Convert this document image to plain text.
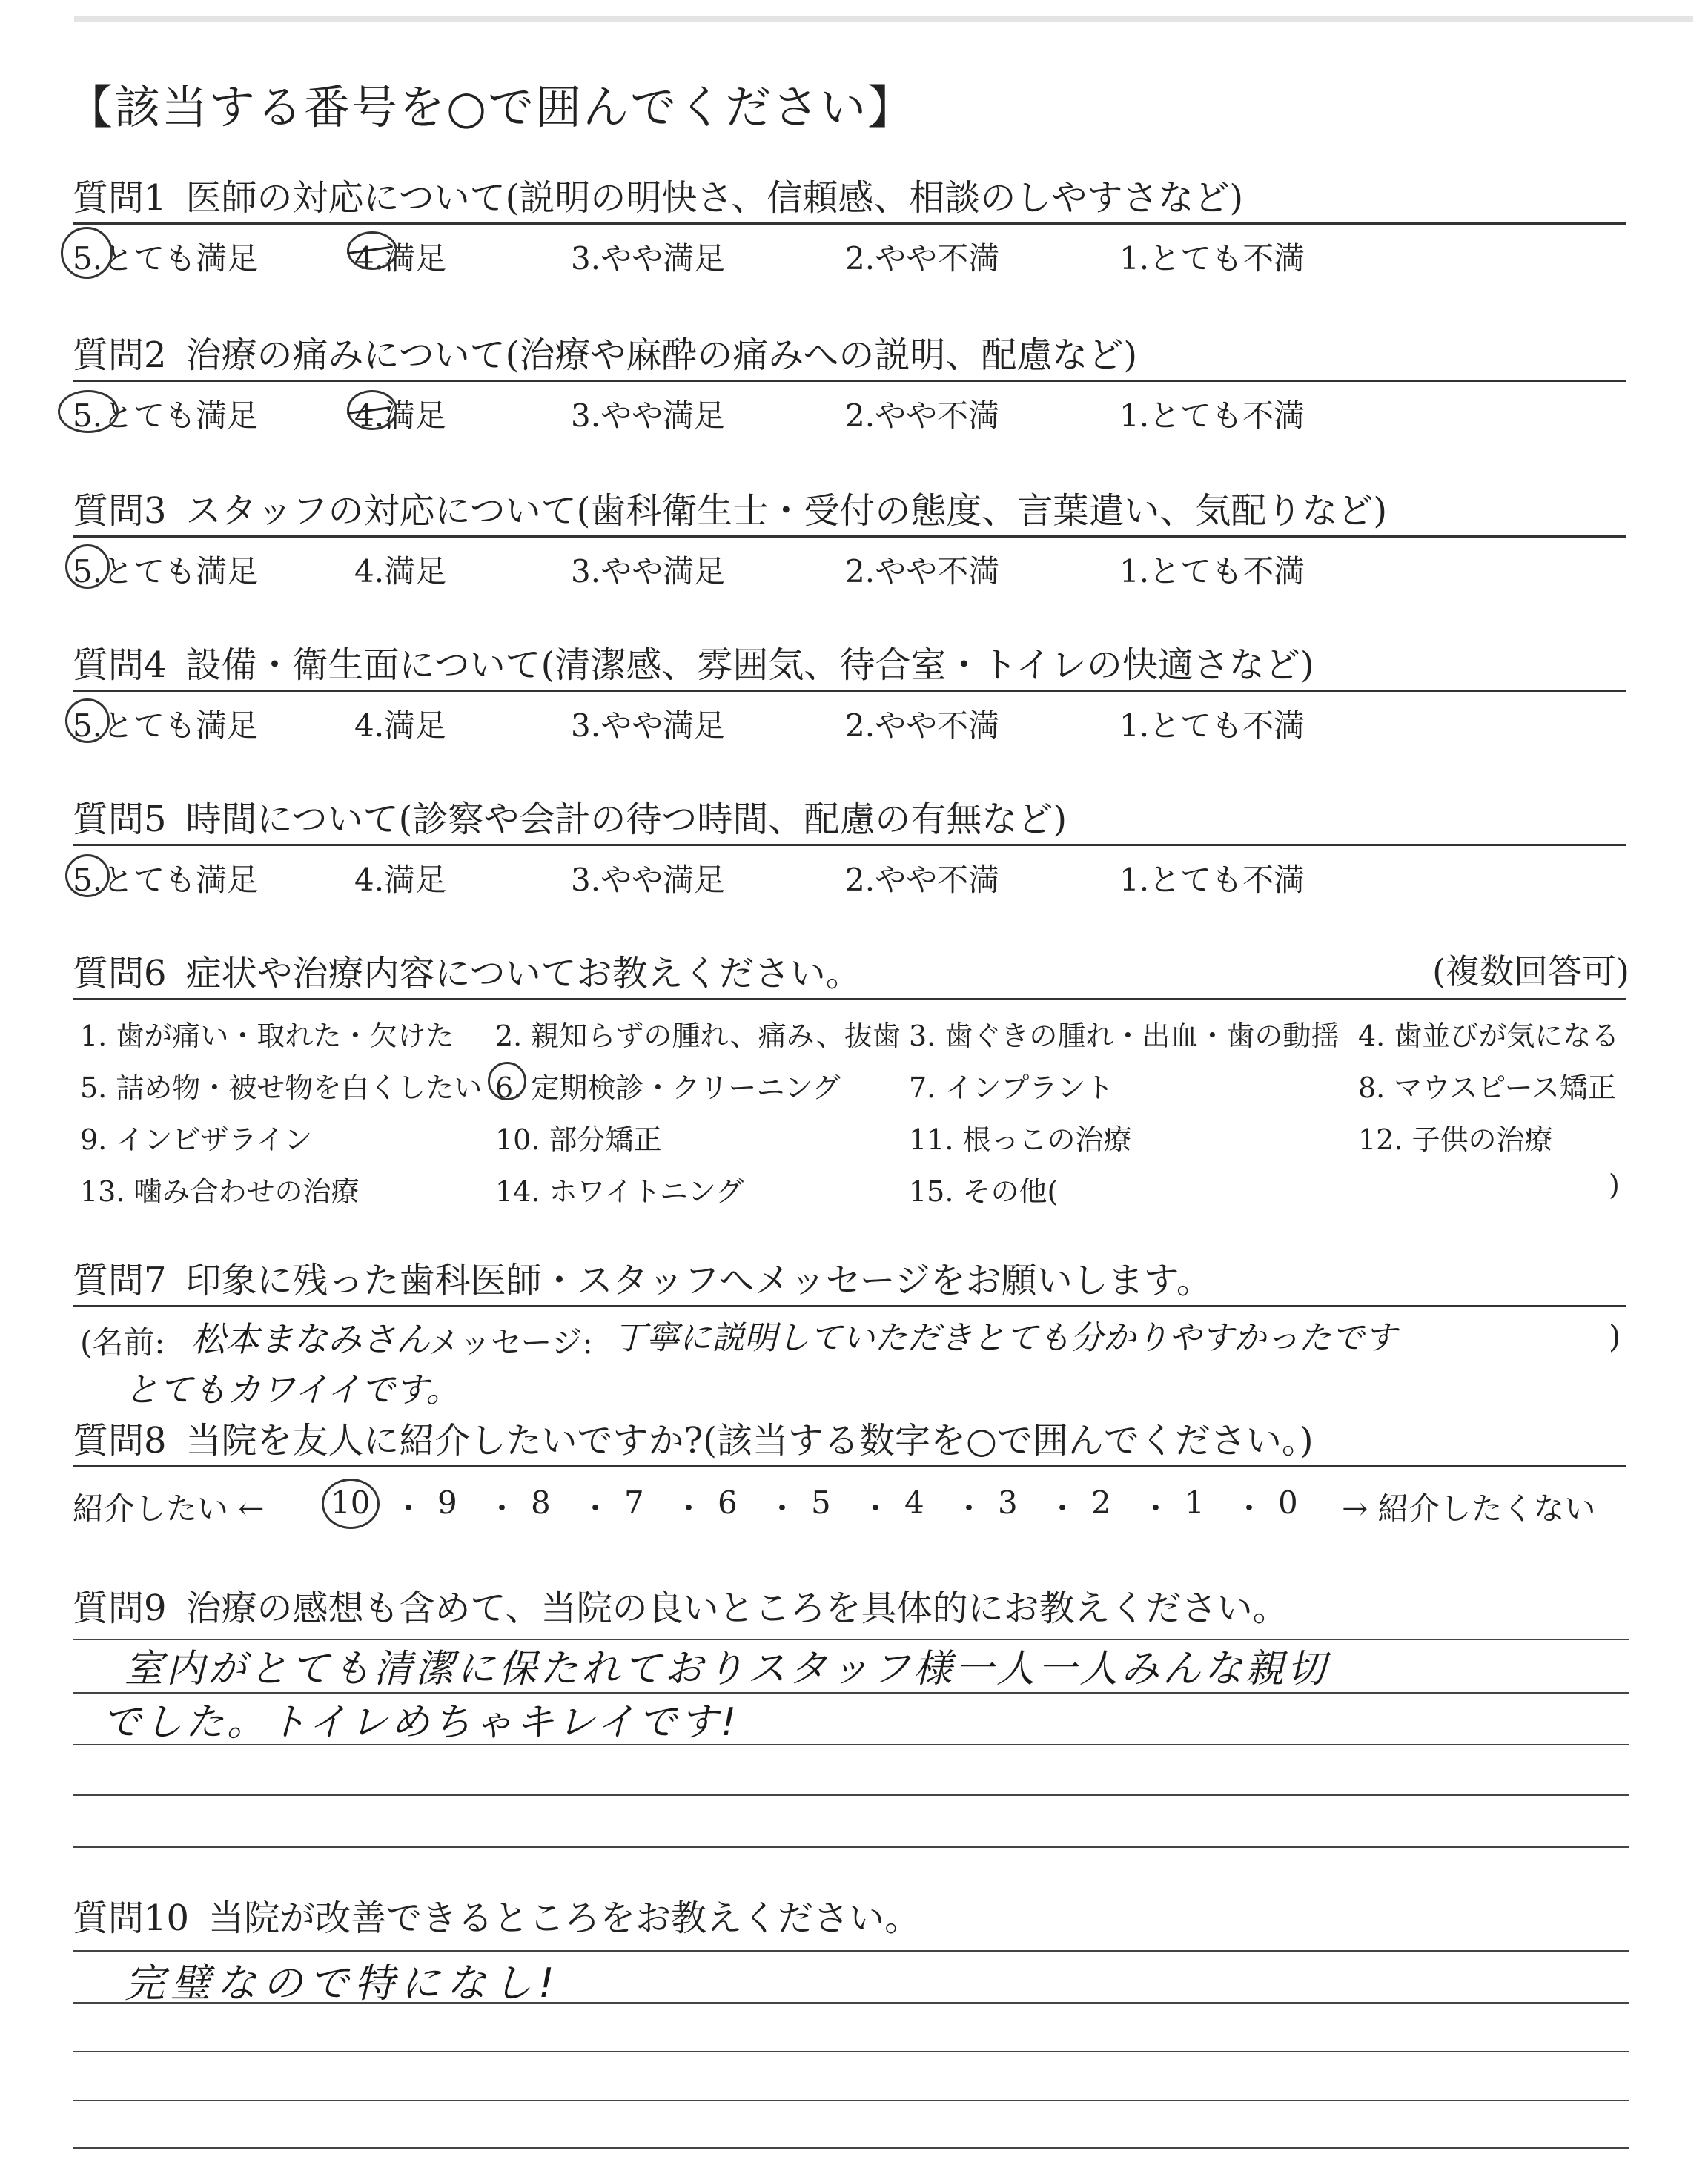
【該当する番号を○で囲んでください】
質問1 医師の対応について(説明の明快さ、信頼感、相談のしやすさなど)
5.とても満足	4.満足	3.やや満足	2.やや不満	1.とても不満
質問2 治療の痛みについて(治療や麻酔の痛みへの説明、配慮など)
5.とても満足	4.満足	3.やや満足	2.やや不満	1.とても不満
質問3 スタッフの対応について(歯科衛生士・受付の態度、言葉遣い、気配りなど)
5.とても満足	4.満足	3.やや満足	2.やや不満	1.とても不満
質問4 設備・衛生面について(清潔感、雰囲気、待合室・トイレの快適さなど)
5.とても満足	4.満足	3.やや満足	2.やや不満	1.とても不満
質問5 時間について(診察や会計の待つ時間、配慮の有無など)
5.とても満足	4.満足	3.やや満足	2.やや不満	1.とても不満
質問6 症状や治療内容についてお教えください。	(複数回答可)
1. 歯が痛い・取れた・欠けた 2. 親知らずの腫れ、痛み、抜歯 3. 歯ぐきの腫れ・出血・歯の動揺 4. 歯並びが気になる
5. 詰め物・被せ物を白くしたい 6. 定期検診・クリーニング 7. インプラント	8. マウスピース矯正
9. インビザライン	10. 部分矯正	11. 根っこの治療	12. 子供の治療
13. 噛み合わせの治療	14. ホワイトニング	15. その他(	)
質問7 印象に残った歯科医師・スタッフへメッセージをお願いします。
(名前: 松本まなみさん
メッセージ: 丁寧に説明していただきとても分かりやすかったです	)
とてもカワイイです。
質問8 当院を友人に紹介したいですか?(該当する数字を○で囲んでください。)
紹介したい ← 10 ・ 9 ・ 8 ・ 7 ・ 6 ・ 5 ・ 4 ・ 3 ・ 2 ・ 1 ・ 0 → 紹介したくない
質問9 治療の感想も含めて、当院の良いところを具体的にお教えください。
室内がとても清潔に保たれておりスタッフ様一人一人みんな親切
でした。トイレめちゃキレイです!
質問10 当院が改善できるところをお教えください。
完璧なので特になし!
